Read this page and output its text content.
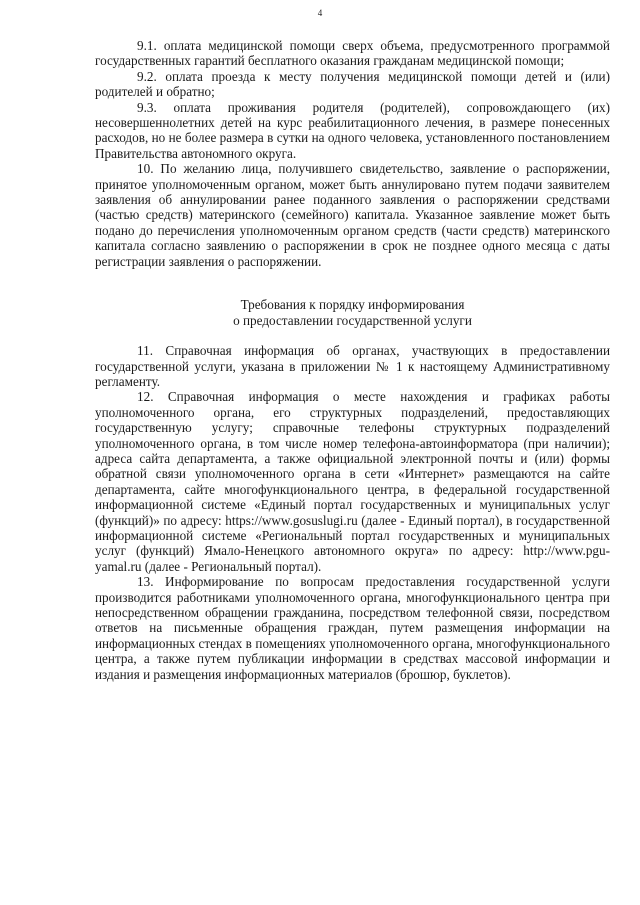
4

9.1. оплата медицинской помощи сверх объема, предусмотренного программой государственных гарантий бесплатного оказания гражданам медицинской помощи;

9.2. оплата проезда к месту получения медицинской помощи детей и (или) родителей и обратно;

9.3. оплата проживания родителя (родителей), сопровождающего (их) несовершеннолетних детей на курс реабилитационного лечения, в размере понесенных расходов, но не более размера в сутки на одного человека, установленного постановлением Правительства автономного округа.

10. По желанию лица, получившего свидетельство, заявление о распоряжении, принятое уполномоченным органом, может быть аннулировано путем подачи заявителем заявления об аннулировании ранее поданного заявления о распоряжении средствами (частью средств) материнского (семейного) капитала. Указанное заявление может быть подано до перечисления уполномоченным органом средств (части средств) материнского капитала согласно заявлению о распоряжении в срок не позднее одного месяца с даты регистрации заявления о распоряжении.

Требования к порядку информирования
о предоставлении государственной услуги

11. Справочная информация об органах, участвующих в предоставлении государственной услуги, указана в приложении № 1 к настоящему Административному регламенту.

12. Справочная информация о месте нахождения и графиках работы уполномоченного органа, его структурных подразделений, предоставляющих государственную услугу; справочные телефоны структурных подразделений уполномоченного органа, в том числе номер телефона-автоинформатора (при наличии); адреса сайта департамента, а также официальной электронной почты и (или) формы обратной связи уполномоченного органа в сети «Интернет» размещаются на сайте департамента, сайте многофункционального центра, в федеральной государственной информационной системе «Единый портал государственных и муниципальных услуг (функций)» по адресу: https://www.gosuslugi.ru (далее - Единый портал), в государственной информационной системе «Региональный портал государственных и муниципальных услуг (функций) Ямало-Ненецкого автономного округа» по адресу: http://www.pgu-yamal.ru (далее - Региональный портал).

13. Информирование по вопросам предоставления государственной услуги производится работниками уполномоченного органа, многофункционального центра при непосредственном обращении гражданина, посредством телефонной связи, посредством ответов на письменные обращения граждан, путем размещения информации на информационных стендах в помещениях уполномоченного органа, многофункционального центра, а также путем публикации информации в средствах массовой информации и издания и размещения информационных материалов (брошюр, буклетов).
